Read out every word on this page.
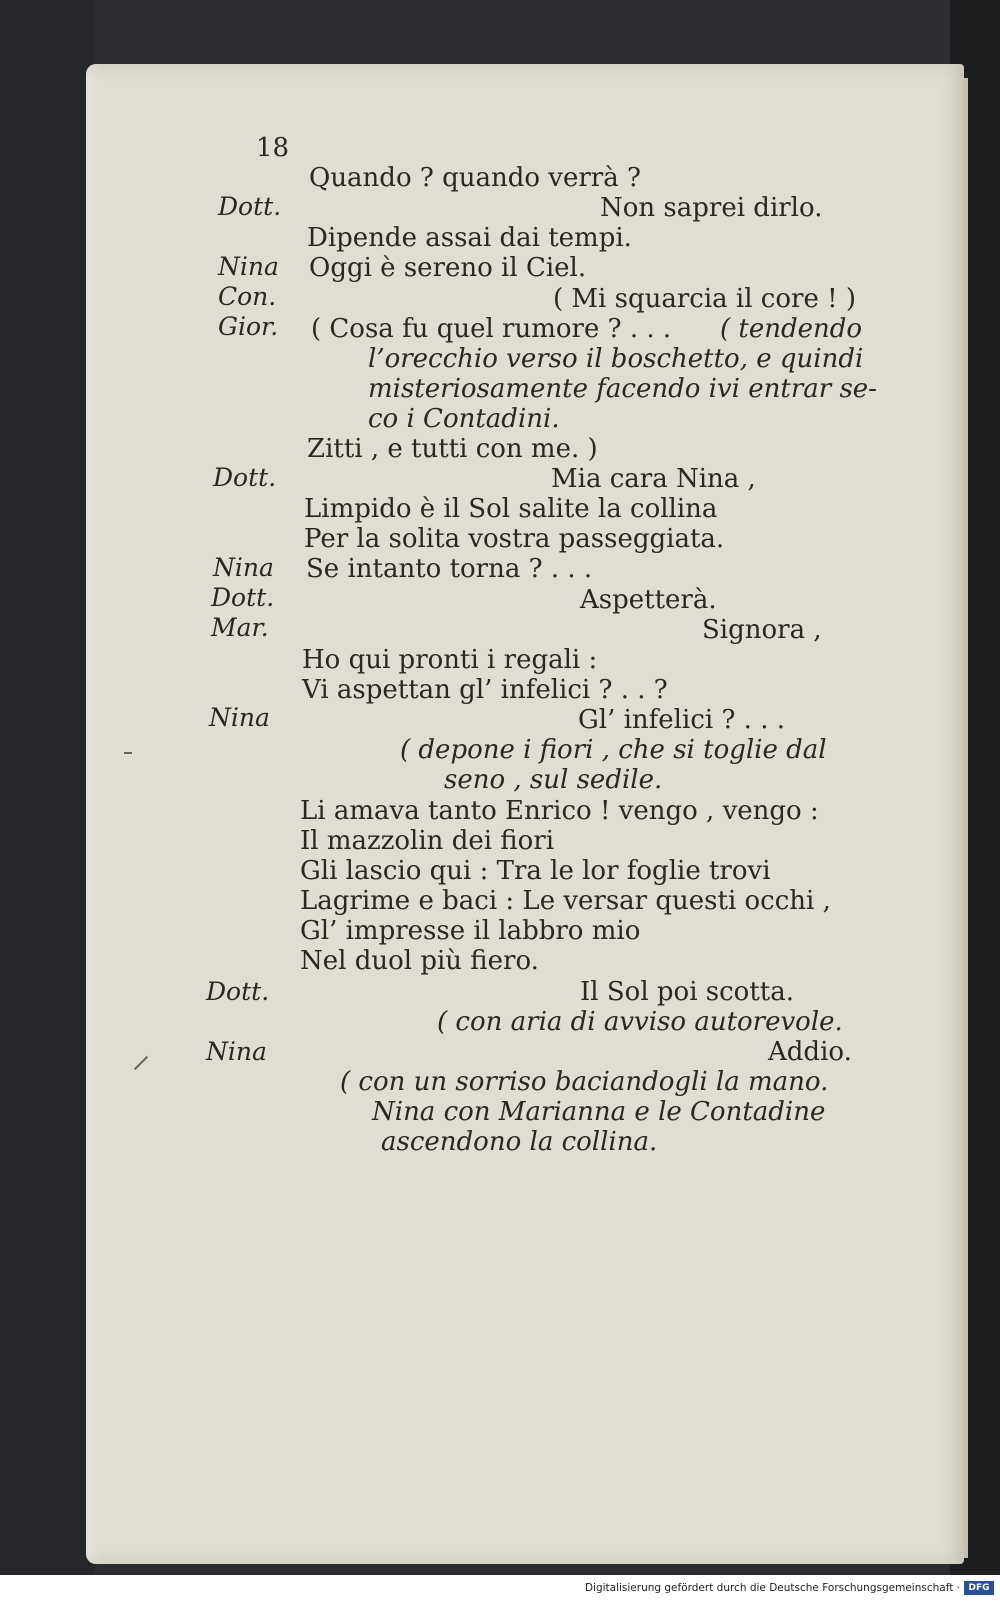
18
Dott.
Nina
Con.
Gior.
Dott.
Nina
Dott.
Mar.
Nina
Dott.
Nina
Quando ? quando verrà ?
Non saprei dirlo.
Dipende assai dai tempi.
Oggi è sereno il Ciel.
( Mi squarcia il core ! )
( Cosa fu quel rumore ? . . . ( tendendo
l’orecchio verso il boschetto, e quindi
misteriosamente facendo ivi entrar se-
co i Contadini.
Zitti , e tutti con me. )
Mia cara Nina ,
Limpido è il Sol salite la collina
Per la solita vostra passeggiata.
Se intanto torna ? . . .
Aspetterà.
Signora ,
Ho qui pronti i regali :
Vi aspettan gl’ infelici ? . . ?
Gl’ infelici ? . . .
( depone i fiori , che si toglie dal
seno , sul sedile.
Li amava tanto Enrico ! vengo , vengo :
Il mazzolin dei fiori
Gli lascio qui : Tra le lor foglie trovi
Lagrime e baci : Le versar questi occhi ,
Gl’ impresse il labbro mio
Nel duol più fiero.
Il Sol poi scotta.
( con aria di avviso autorevole.
Addio.
( con un sorriso baciandogli la mano.
Nina con Marianna e le Contadine
ascendono la collina.
Digitalisierung gefördert durch die Deutsche Forschungsgemeinschaft · DFG
